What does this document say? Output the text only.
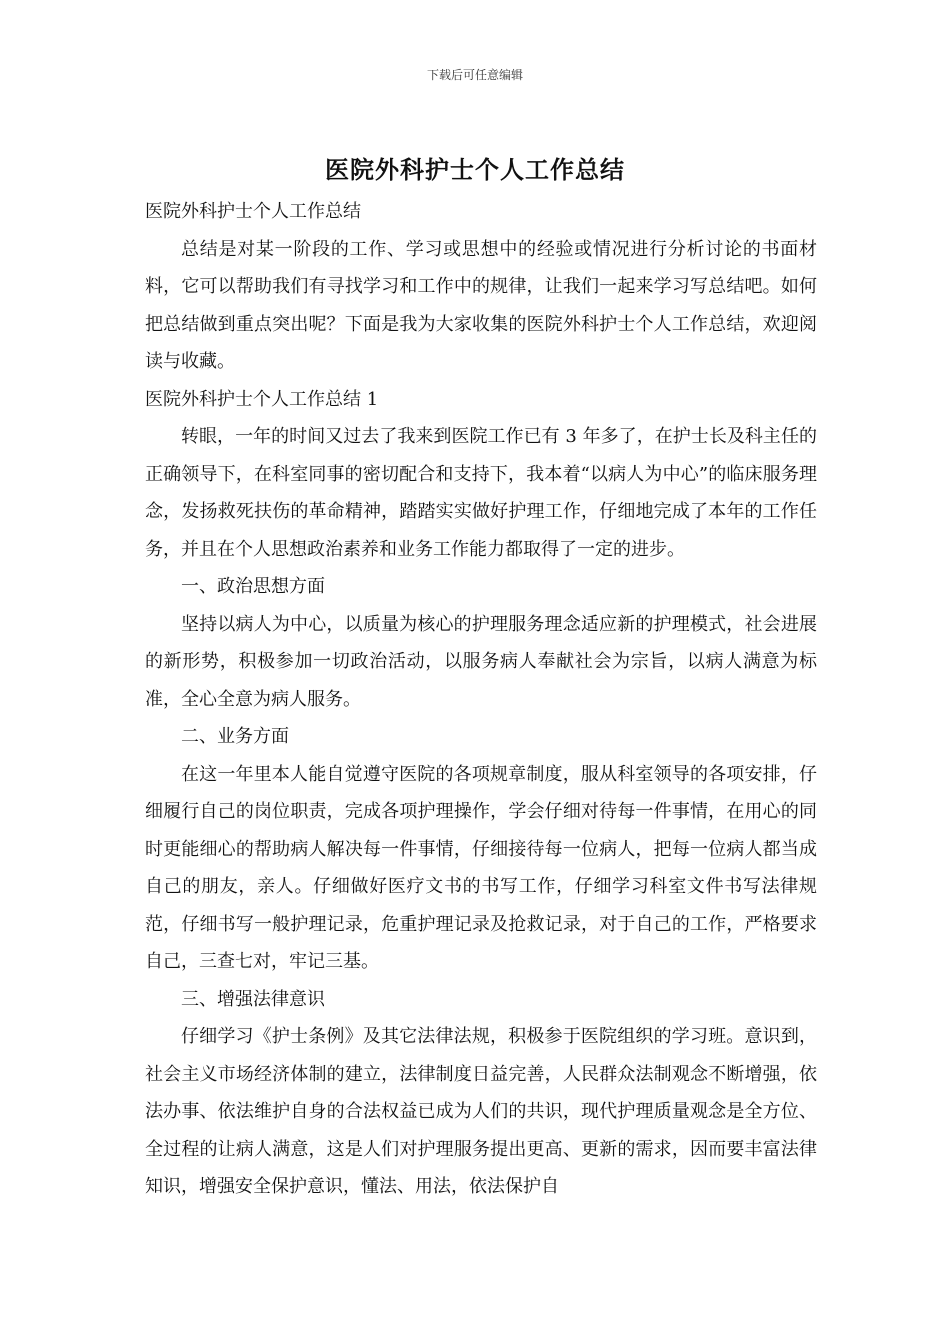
下载后可任意编辑
医院外科护士个人工作总结

医院外科护士个人工作总结

总结是对某一阶段的工作、学习或思想中的经验或情况进行分析讨论的书面材料，它可以帮助我们有寻找学习和工作中的规律，让我们一起来学习写总结吧。如何把总结做到重点突出呢？下面是我为大家收集的医院外科护士个人工作总结，欢迎阅读与收藏。

医院外科护士个人工作总结 1

转眼，一年的时间又过去了我来到医院工作已有 3 年多了，在护士长及科主任的正确领导下，在科室同事的密切配合和支持下，我本着“以病人为中心”的临床服务理念，发扬救死扶伤的革命精神，踏踏实实做好护理工作，仔细地完成了本年的工作任务，并且在个人思想政治素养和业务工作能力都取得了一定的进步。

一、政治思想方面

坚持以病人为中心，以质量为核心的护理服务理念适应新的护理模式，社会进展的新形势，积极参加一切政治活动，以服务病人奉献社会为宗旨，以病人满意为标准，全心全意为病人服务。

二、业务方面

在这一年里本人能自觉遵守医院的各项规章制度，服从科室领导的各项安排，仔细履行自己的岗位职责，完成各项护理操作，学会仔细对待每一件事情，在用心的同时更能细心的帮助病人解决每一件事情，仔细接待每一位病人，把每一位病人都当成自己的朋友，亲人。仔细做好医疗文书的书写工作，仔细学习科室文件书写法律规范，仔细书写一般护理记录，危重护理记录及抢救记录，对于自己的工作，严格要求自己，三查七对，牢记三基。

三、增强法律意识

仔细学习《护士条例》及其它法律法规，积极参于医院组织的学习班。意识到，社会主义市场经济体制的建立，法律制度日益完善，人民群众法制观念不断增强，依法办事、依法维护自身的合法权益已成为人们的共识，现代护理质量观念是全方位、全过程的让病人满意，这是人们对护理服务提出更高、更新的需求，因而要丰富法律知识，增强安全保护意识，懂法、用法，依法保护自
